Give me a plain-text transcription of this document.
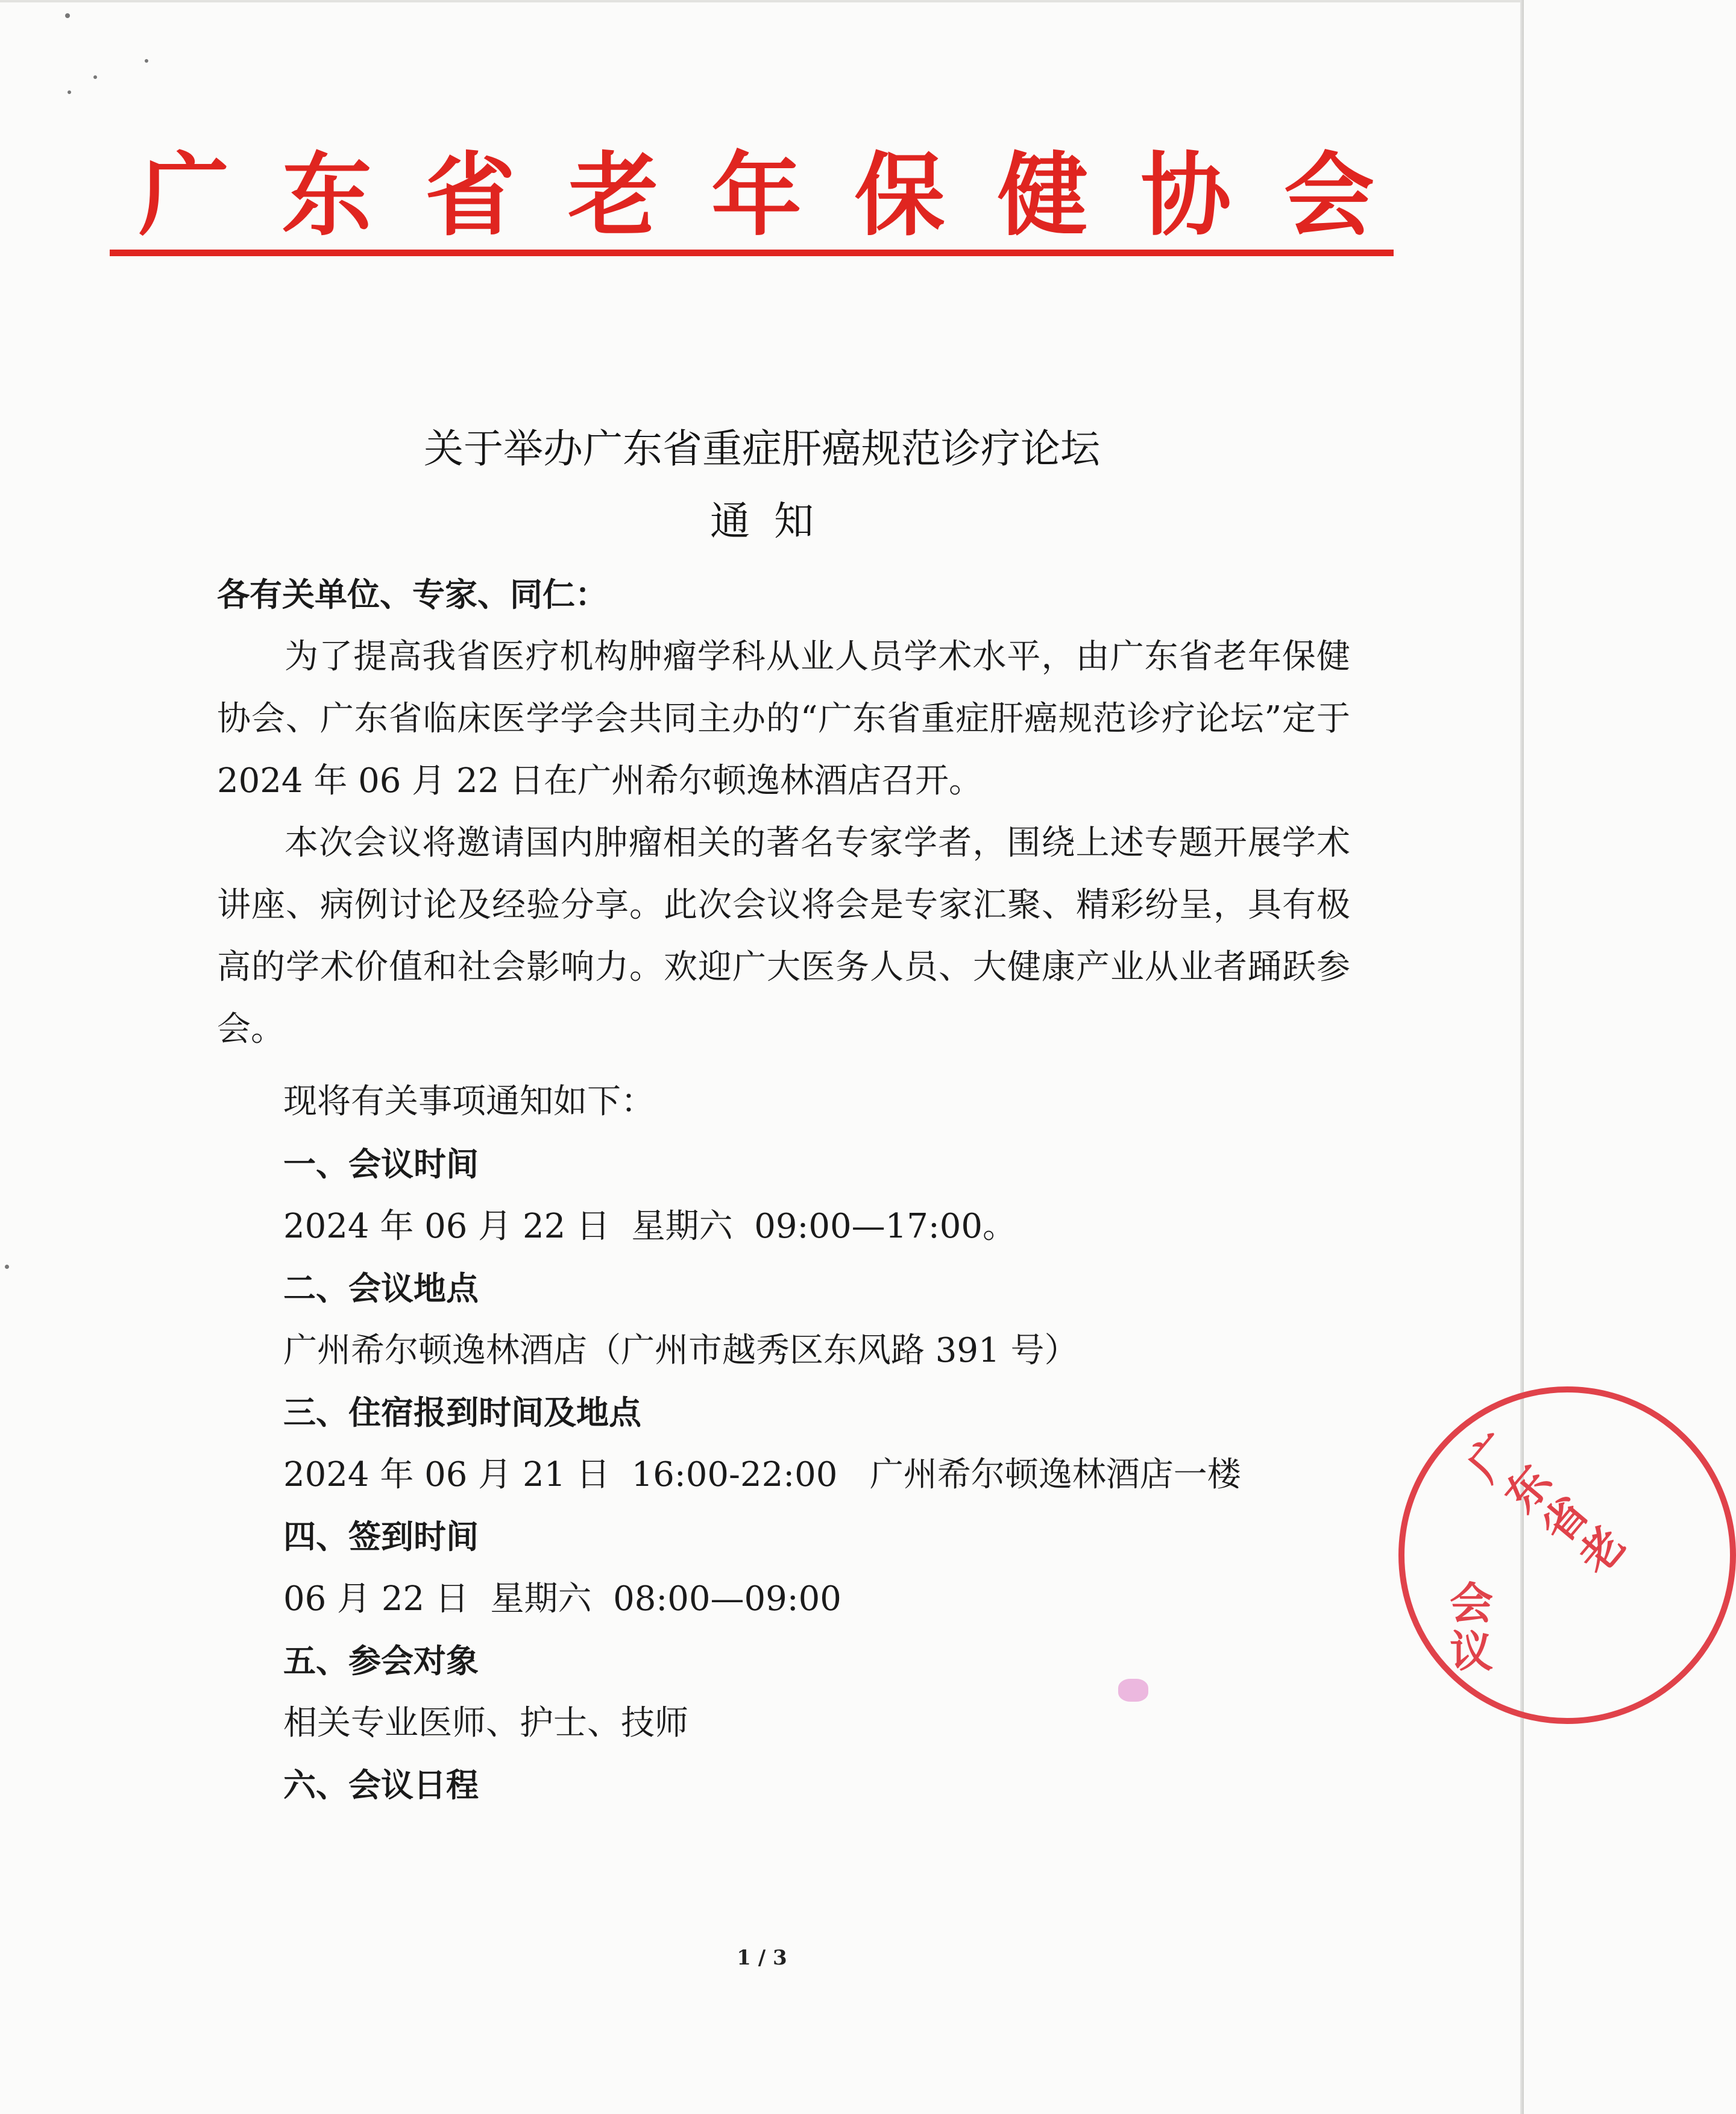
广 东 省 老 年 保 健 协 会
关于举办广东省重症肝癌规范诊疗论坛
通知

各有关单位、专家、同仁：

为了提高我省医疗机构肿瘤学科从业人员学术水平，由广东省老年保健协会、广东省临床医学学会共同主办的“广东省重症肝癌规范诊疗论坛”定于 2024 年 06 月 22 日在广州希尔顿逸林酒店召开。

本次会议将邀请国内肿瘤相关的著名专家学者，围绕上述专题开展学术讲座、病例讨论及经验分享。此次会议将会是专家汇聚、精彩纷呈，具有极高的学术价值和社会影响力。欢迎广大医务人员、大健康产业从业者踊跃参会。

现将有关事项通知如下：
一、会议时间
2024 年 06 月 22 日  星期六  09:00—17:00。
二、会议地点
广州希尔顿逸林酒店（广州市越秀区东风路 391 号）
三、住宿报到时间及地点
2024 年 06 月 21 日  16:00-22:00   广州希尔顿逸林酒店一楼
四、签到时间
06 月 22 日  星期六  08:00—09:00
五、参会对象
相关专业医师、护士、技师
六、会议日程
广东省老
会议
1 / 3
